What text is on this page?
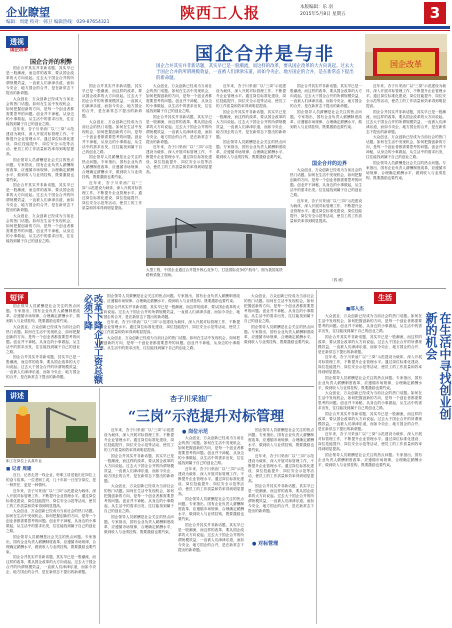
企业瞭望
编辑：周建 校对：韩卫 编辑热线：029-87654321
陕西工人报	本版编辑：乐 羽
2015年5月8日 星期五	3
透视
国企改革
国企合并的利弊

国企合并其实并非新话题，其实早已是一股潮流，而这样的改革，要从国企改革的大方向说起。过去大于国企合并的所谓规模效益，一直被人们津津乐道，而如今央企、地方国企的合并，是在新常态下提出的新命题。

大众创业、万众创新已经成为当前社会的热门话题。如何在生活中发现机会，如何把握创新的方向，是每一个创业者都需要思考的问题。创业并不神秘，从身边的小事做起，从生活中的需求出发，往往能找到属于自己的创业之路。

近年来，杏子川采油厂以“三岗”示范建设为载体，深入开展对标管理工作，不断提升企业管理水平。通过岗位标准化建设、岗位技能提升、岗位安全示范等活动，使员工的工作质量和效率得到明显提高。

国企领导人员薪酬是社会关注的热点问题。专家指出，国有企业负责人薪酬制度改革，应遵循市场规律，合理确定薪酬水平，做到收入与业绩挂钩，既要激励也要约束。

国企合并其实并非新话题，其实早已是一股潮流，而这样的改革，要从国企改革的大方向说起。过去大于国企合并的所谓规模效益，一直被人们津津乐道，而如今央企、地方国企的合并，是在新常态下提出的新命题。

大众创业、万众创新已经成为当前社会的热门话题。如何在生活中发现机会，如何把握创新的方向，是每一个创业者都需要思考的问题。创业并不神秘，从身边的小事做起，从生活中的需求出发，往往能找到属于自己的创业之路。

国企合并是与非
国企合并其实并非新话题，其实早已是一股潮流，而这样的改革，要从国企改革的大方向说起。过去大于国企合并的所谓规模效益，一直被人们津津乐道，而如今央企、地方国企的合并，是在新常态下提出的新命题。
国企改革

国企合并其实并非新话题，其实早已是一股潮流，而这样的改革，要从国企改革的大方向说起。过去大于国企合并的所谓规模效益，一直被人们津津乐道，而如今央企、地方国企的合并，是在新常态下提出的新命题。

大众创业、万众创新已经成为当前社会的热门话题。如何在生活中发现机会，如何把握创新的方向，是每一个创业者都需要思考的问题。创业并不神秘，从身边的小事做起，从生活中的需求出发，往往能找到属于自己的创业之路。

国企领导人员薪酬是社会关注的热点问题。专家指出，国有企业负责人薪酬制度改革，应遵循市场规律，合理确定薪酬水平，做到收入与业绩挂钩，既要激励也要约束。

近年来，杏子川采油厂以“三岗”示范建设为载体，深入开展对标管理工作，不断提升企业管理水平。通过岗位标准化建设、岗位技能提升、岗位安全示范等活动，使员工的工作质量和效率得到明显提高。

大众创业、万众创新已经成为当前社会的热门话题。如何在生活中发现机会，如何把握创新的方向，是每一个创业者都需要思考的问题。创业并不神秘，从身边的小事做起，从生活中的需求出发，往往能找到属于自己的创业之路。

国企合并其实并非新话题，其实早已是一股潮流，而这样的改革，要从国企改革的大方向说起。过去大于国企合并的所谓规模效益，一直被人们津津乐道，而如今央企、地方国企的合并，是在新常态下提出的新命题。

近年来，杏子川采油厂以“三岗”示范建设为载体，深入开展对标管理工作，不断提升企业管理水平。通过岗位标准化建设、岗位技能提升、岗位安全示范等活动，使员工的工作质量和效率得到明显提高。

近年来，杏子川采油厂以“三岗”示范建设为载体，深入开展对标管理工作，不断提升企业管理水平。通过岗位标准化建设、岗位技能提升、岗位安全示范等活动，使员工的工作质量和效率得到明显提高。

国企合并其实并非新话题，其实早已是一股潮流，而这样的改革，要从国企改革的大方向说起。过去大于国企合并的所谓规模效益，一直被人们津津乐道，而如今央企、地方国企的合并，是在新常态下提出的新命题。

国企领导人员薪酬是社会关注的热点问题。专家指出，国有企业负责人薪酬制度改革，应遵循市场规律，合理确定薪酬水平，做到收入与业绩挂钩，既要激励也要约束。

国企合并其实并非新话题，其实早已是一股潮流，而这样的改革，要从国企改革的大方向说起。过去大于国企合并的所谓规模效益，一直被人们津津乐道，而如今央企、地方国企的合并，是在新常态下提出的新命题。

国企领导人员薪酬是社会关注的热点问题。专家指出，国有企业负责人薪酬制度改革，应遵循市场规律，合理确定薪酬水平，做到收入与业绩挂钩，既要激励也要约束。

国企合并的边界

大众创业、万众创新已经成为当前社会的热门话题。如何在生活中发现机会，如何把握创新的方向，是每一个创业者都需要思考的问题。创业并不神秘，从身边的小事做起，从生活中的需求出发，往往能找到属于自己的创业之路。

近年来，杏子川采油厂以“三岗”示范建设为载体，深入开展对标管理工作，不断提升企业管理水平。通过岗位标准化建设、岗位技能提升、岗位安全示范等活动，使员工的工作质量和效率得到明显提高。

近年来，杏子川采油厂以“三岗”示范建设为载体，深入开展对标管理工作，不断提升企业管理水平。通过岗位标准化建设、岗位技能提升、岗位安全示范等活动，使员工的工作质量和效率得到明显提高。

国企合并其实并非新话题，其实早已是一股潮流，而这样的改革，要从国企改革的大方向说起。过去大于国企合并的所谓规模效益，一直被人们津津乐道，而如今央企、地方国企的合并，是在新常态下提出的新命题。

大众创业、万众创新已经成为当前社会的热门话题。如何在生活中发现机会，如何把握创新的方向，是每一个创业者都需要思考的问题。创业并不神秘，从身边的小事做起，从生活中的需求出发，往往能找到属于自己的创业之路。

国企领导人员薪酬是社会关注的热点问题。专家指出，国有企业负责人薪酬制度改革，应遵循市场规律，合理确定薪酬水平，做到收入与业绩挂钩，既要激励也要约束。

大型工程，中国企业通过合并提升核心竞争力，打造国际竞争的“航母”。图为我国某铁路桥梁施工现场。
（钱 威）
短评

国企领导人员薪酬是社会关注的热点问题。专家指出，国有企业负责人薪酬制度改革，应遵循市场规律，合理确定薪酬水平，做到收入与业绩挂钩，既要激励也要约束。

大众创业、万众创新已经成为当前社会的热门话题。如何在生活中发现机会，如何把握创新的方向，是每一个创业者都需要思考的问题。创业并不神秘，从身边的小事做起，从生活中的需求出发，往往能找到属于自己的创业之路。

国企合并其实并非新话题，其实早已是一股潮流，而这样的改革，要从国企改革的大方向说起。过去大于国企合并的所谓规模效益，一直被人们津津乐道，而如今央企、地方国企的合并，是在新常态下提出的新命题。	改革下降企业工资总额必须下降	国企领导人员薪酬是社会关注的热点问题。专家指出，国有企业负责人薪酬制度改革，应遵循市场规律，合理确定薪酬水平，做到收入与业绩挂钩，既要激励也要约束。

国企合并其实并非新话题，其实早已是一股潮流，而这样的改革，要从国企改革的大方向说起。过去大于国企合并的所谓规模效益，一直被人们津津乐道，而如今央企、地方国企的合并，是在新常态下提出的新命题。

近年来，杏子川采油厂以“三岗”示范建设为载体，深入开展对标管理工作，不断提升企业管理水平。通过岗位标准化建设、岗位技能提升、岗位安全示范等活动，使员工的工作质量和效率得到明显提高。

大众创业、万众创新已经成为当前社会的热门话题。如何在生活中发现机会，如何把握创新的方向，是每一个创业者都需要思考的问题。创业并不神秘，从身边的小事做起，从生活中的需求出发，往往能找到属于自己的创业之路。

大众创业、万众创新已经成为当前社会的热门话题。如何在生活中发现机会，如何把握创新的方向，是每一个创业者都需要思考的问题。创业并不神秘，从身边的小事做起，从生活中的需求出发，往往能找到属于自己的创业之路。

国企领导人员薪酬是社会关注的热点问题。专家指出，国有企业负责人薪酬制度改革，应遵循市场规律，合理确定薪酬水平，做到收入与业绩挂钩，既要激励也要约束。

生活
■邵人杰
在生活中寻找创业创新的机会

大众创业、万众创新已经成为当前社会的热门话题。如何在生活中发现机会，如何把握创新的方向，是每一个创业者都需要思考的问题。创业并不神秘，从身边的小事做起，从生活中的需求出发，往往能找到属于自己的创业之路。

国企合并其实并非新话题，其实早已是一股潮流，而这样的改革，要从国企改革的大方向说起。过去大于国企合并的所谓规模效益，一直被人们津津乐道，而如今央企、地方国企的合并，是在新常态下提出的新命题。

近年来，杏子川采油厂以“三岗”示范建设为载体，深入开展对标管理工作，不断提升企业管理水平。通过岗位标准化建设、岗位技能提升、岗位安全示范等活动，使员工的工作质量和效率得到明显提高。

国企领导人员薪酬是社会关注的热点问题。专家指出，国有企业负责人薪酬制度改革，应遵循市场规律，合理确定薪酬水平，做到收入与业绩挂钩，既要激励也要约束。

大众创业、万众创新已经成为当前社会的热门话题。如何在生活中发现机会，如何把握创新的方向，是每一个创业者都需要思考的问题。创业并不神秘，从身边的小事做起，从生活中的需求出发，往往能找到属于自己的创业之路。

国企合并其实并非新话题，其实早已是一股潮流，而这样的改革，要从国企改革的大方向说起。过去大于国企合并的所谓规模效益，一直被人们津津乐道，而如今央企、地方国企的合并，是在新常态下提出的新命题。

近年来，杏子川采油厂以“三岗”示范建设为载体，深入开展对标管理工作，不断提升企业管理水平。通过岗位标准化建设、岗位技能提升、岗位安全示范等活动，使员工的工作质量和效率得到明显提高。

国企领导人员薪酬是社会关注的热点问题。专家指出，国有企业负责人薪酬制度改革，应遵循市场规律，合理确定薪酬水平，做到收入与业绩挂钩，既要激励也要约束。

讲述
职工在岗位上认真作业
■ 记者 周建

近日，记者走进一线企业，听职工讲述他们在岗位上的奋斗故事。一位老职工说，几十年如一日坚守岗位，是一种责任，更是一种情怀。

近年来，杏子川采油厂以“三岗”示范建设为载体，深入开展对标管理工作，不断提升企业管理水平。通过岗位标准化建设、岗位技能提升、岗位安全示范等活动，使员工的工作质量和效率得到明显提高。

大众创业、万众创新已经成为当前社会的热门话题。如何在生活中发现机会，如何把握创新的方向，是每一个创业者都需要思考的问题。创业并不神秘，从身边的小事做起，从生活中的需求出发，往往能找到属于自己的创业之路。

国企领导人员薪酬是社会关注的热点问题。专家指出，国有企业负责人薪酬制度改革，应遵循市场规律，合理确定薪酬水平，做到收入与业绩挂钩，既要激励也要约束。

国企合并其实并非新话题，其实早已是一股潮流，而这样的改革，要从国企改革的大方向说起。过去大于国企合并的所谓规模效益，一直被人们津津乐道，而如今央企、地方国企的合并，是在新常态下提出的新命题。

杏子川采油厂
“三岗”示范提升对标管理

近年来，杏子川采油厂以“三岗”示范建设为载体，深入开展对标管理工作，不断提升企业管理水平。通过岗位标准化建设、岗位技能提升、岗位安全示范等活动，使员工的工作质量和效率得到明显提高。

国企合并其实并非新话题，其实早已是一股潮流，而这样的改革，要从国企改革的大方向说起。过去大于国企合并的所谓规模效益，一直被人们津津乐道，而如今央企、地方国企的合并，是在新常态下提出的新命题。

大众创业、万众创新已经成为当前社会的热门话题。如何在生活中发现机会，如何把握创新的方向，是每一个创业者都需要思考的问题。创业并不神秘，从身边的小事做起，从生活中的需求出发，往往能找到属于自己的创业之路。

国企领导人员薪酬是社会关注的热点问题。专家指出，国有企业负责人薪酬制度改革，应遵循市场规律，合理确定薪酬水平，做到收入与业绩挂钩，既要激励也要约束。

● 岗位示范

大众创业、万众创新已经成为当前社会的热门话题。如何在生活中发现机会，如何把握创新的方向，是每一个创业者都需要思考的问题。创业并不神秘，从身边的小事做起，从生活中的需求出发，往往能找到属于自己的创业之路。

近年来，杏子川采油厂以“三岗”示范建设为载体，深入开展对标管理工作，不断提升企业管理水平。通过岗位标准化建设、岗位技能提升、岗位安全示范等活动，使员工的工作质量和效率得到明显提高。

国企领导人员薪酬是社会关注的热点问题。专家指出，国有企业负责人薪酬制度改革，应遵循市场规律，合理确定薪酬水平，做到收入与业绩挂钩，既要激励也要约束。

国企合并其实并非新话题，其实早已是一股潮流，而这样的改革，要从国企改革的大方向说起。过去大于国企合并的所谓规模效益，一直被人们津津乐道，而如今央企、地方国企的合并，是在新常态下提出的新命题。

● 对标管理

国企领导人员薪酬是社会关注的热点问题。专家指出，国有企业负责人薪酬制度改革，应遵循市场规律，合理确定薪酬水平，做到收入与业绩挂钩，既要激励也要约束。

近年来，杏子川采油厂以“三岗”示范建设为载体，深入开展对标管理工作，不断提升企业管理水平。通过岗位标准化建设、岗位技能提升、岗位安全示范等活动，使员工的工作质量和效率得到明显提高。

国企合并其实并非新话题，其实早已是一股潮流，而这样的改革，要从国企改革的大方向说起。过去大于国企合并的所谓规模效益，一直被人们津津乐道，而如今央企、地方国企的合并，是在新常态下提出的新命题。
